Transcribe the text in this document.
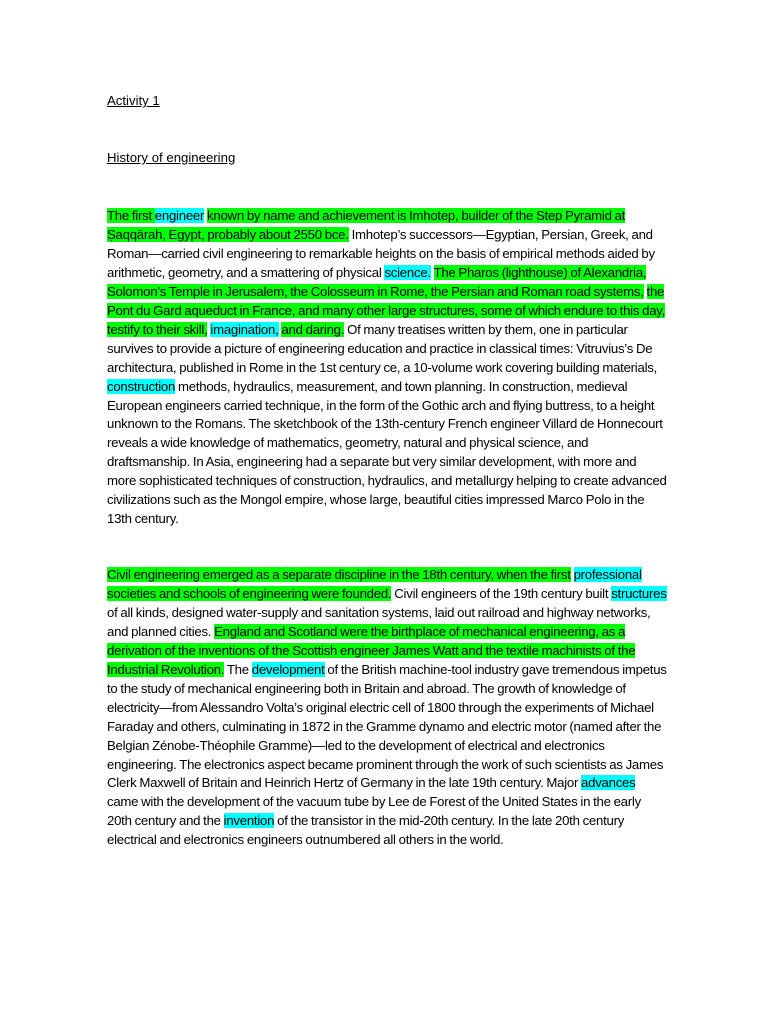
Activity 1

History of engineering

The first engineer known by name and achievement is Imhotep, builder of the Step Pyramid at Ṣaqqārah, Egypt, probably about 2550 bce. Imhotep’s successors—Egyptian, Persian, Greek, and Roman—carried civil engineering to remarkable heights on the basis of empirical methods aided by arithmetic, geometry, and a smattering of physical science. The Pharos (lighthouse) of Alexandria, Solomon’s Temple in Jerusalem, the Colosseum in Rome, the Persian and Roman road systems, the Pont du Gard aqueduct in France, and many other large structures, some of which endure to this day, testify to their skill, imagination, and daring. Of many treatises written by them, one in particular survives to provide a picture of engineering education and practice in classical times: Vitruvius’s De architectura, published in Rome in the 1st century ce, a 10-volume work covering building materials, construction methods, hydraulics, measurement, and town planning. In construction, medieval European engineers carried technique, in the form of the Gothic arch and flying buttress, to a height unknown to the Romans. The sketchbook of the 13th-century French engineer Villard de Honnecourt reveals a wide knowledge of mathematics, geometry, natural and physical science, and draftsmanship. In Asia, engineering had a separate but very similar development, with more and more sophisticated techniques of construction, hydraulics, and metallurgy helping to create advanced civilizations such as the Mongol empire, whose large, beautiful cities impressed Marco Polo in the 13th century.

Civil engineering emerged as a separate discipline in the 18th century, when the first professional societies and schools of engineering were founded. Civil engineers of the 19th century built structures of all kinds, designed water-supply and sanitation systems, laid out railroad and highway networks, and planned cities. England and Scotland were the birthplace of mechanical engineering, as a derivation of the inventions of the Scottish engineer James Watt and the textile machinists of the Industrial Revolution. The development of the British machine-tool industry gave tremendous impetus to the study of mechanical engineering both in Britain and abroad. The growth of knowledge of electricity—from Alessandro Volta’s original electric cell of 1800 through the experiments of Michael Faraday and others, culminating in 1872 in the Gramme dynamo and electric motor (named after the Belgian Zénobe-Théophile Gramme)—led to the development of electrical and electronics engineering. The electronics aspect became prominent through the work of such scientists as James Clerk Maxwell of Britain and Heinrich Hertz of Germany in the late 19th century. Major advances came with the development of the vacuum tube by Lee de Forest of the United States in the early 20th century and the invention of the transistor in the mid-20th century. In the late 20th century electrical and electronics engineers outnumbered all others in the world.
